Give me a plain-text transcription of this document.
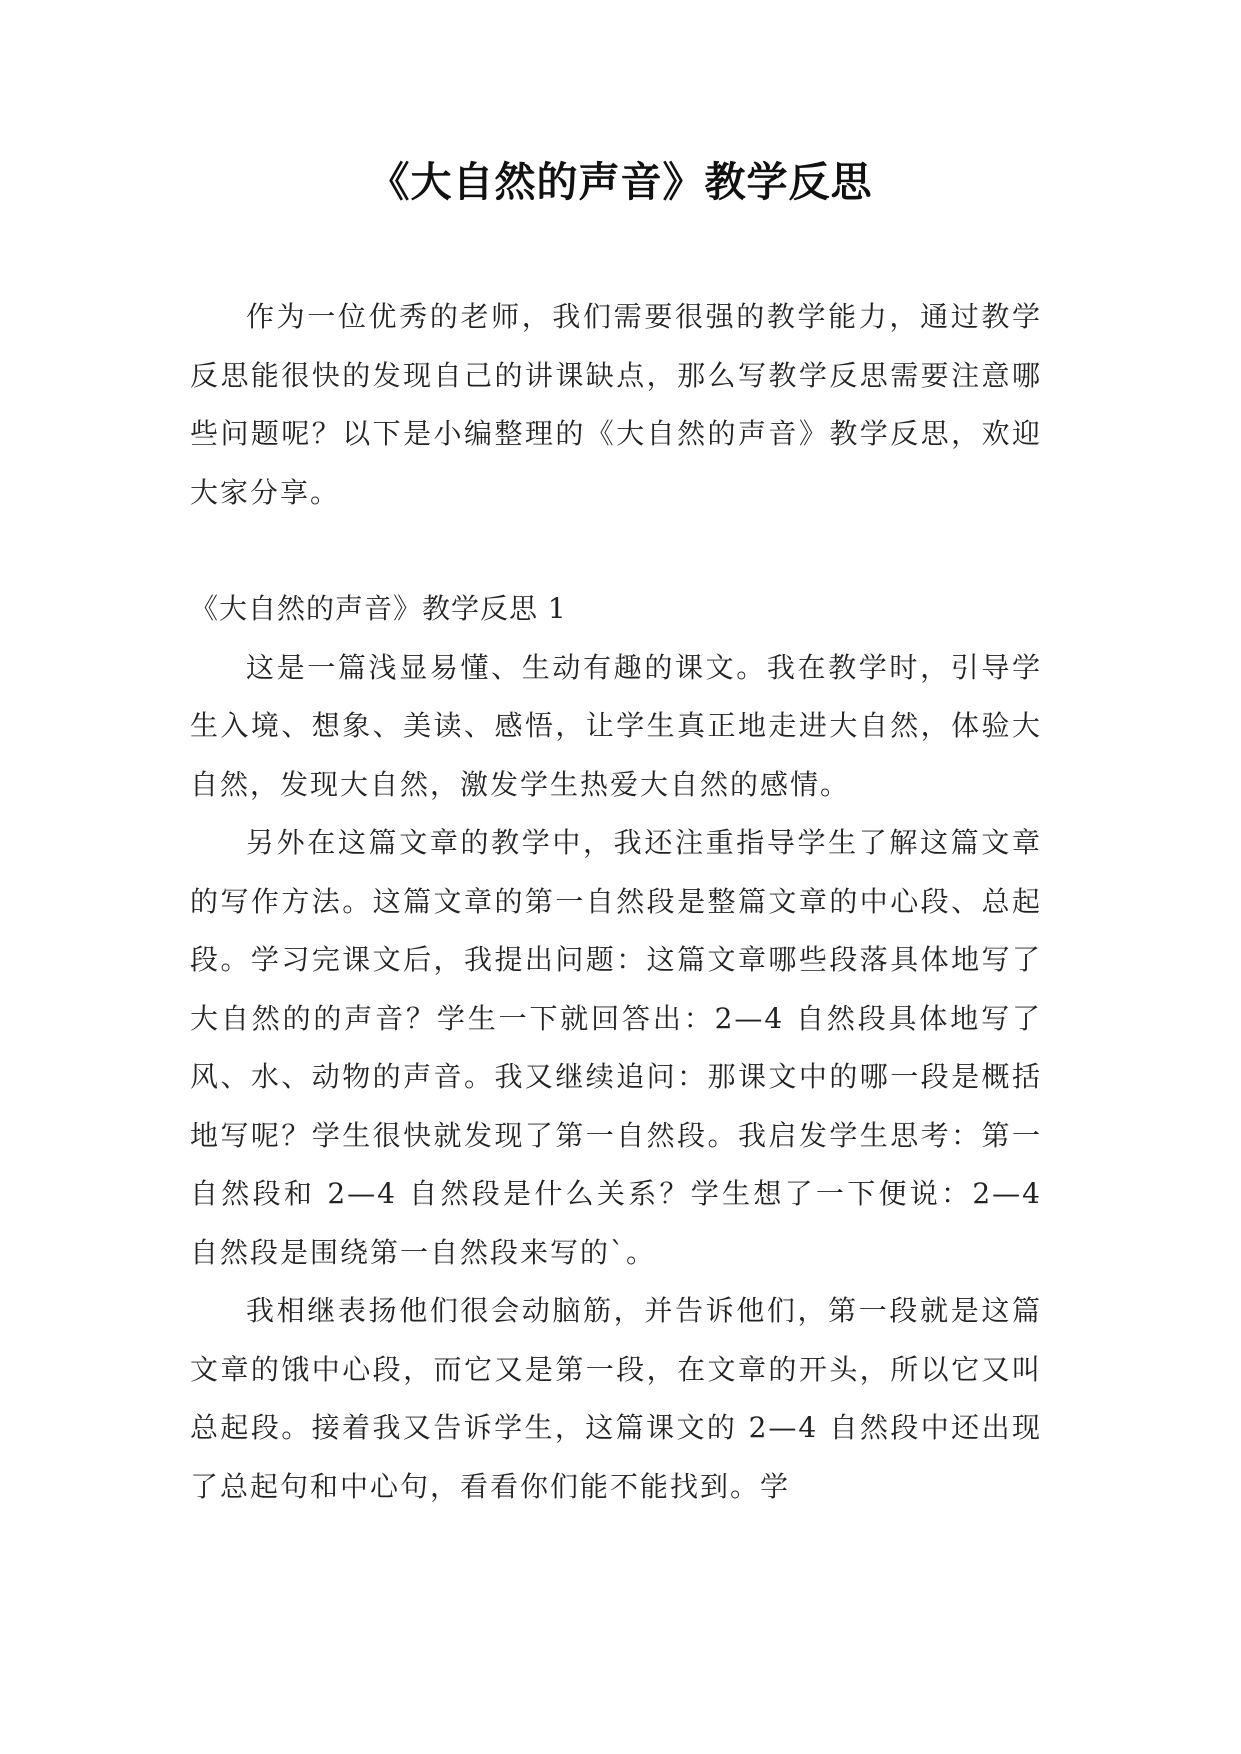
《大自然的声音》教学反思

作为一位优秀的老师，我们需要很强的教学能力，通过教学反思能很快的发现自己的讲课缺点，那么写教学反思需要注意哪些问题呢？以下是小编整理的《大自然的声音》教学反思，欢迎大家分享。

《大自然的声音》教学反思 1

这是一篇浅显易懂、生动有趣的课文。我在教学时，引导学生入境、想象、美读、感悟，让学生真正地走进大自然，体验大自然，发现大自然，激发学生热爱大自然的感情。

另外在这篇文章的教学中，我还注重指导学生了解这篇文章的写作方法。这篇文章的第一自然段是整篇文章的中心段、总起段。学习完课文后，我提出问题：这篇文章哪些段落具体地写了大自然的的声音？学生一下就回答出：2—4 自然段具体地写了风、水、动物的声音。我又继续追问：那课文中的哪一段是概括地写呢？学生很快就发现了第一自然段。我启发学生思考：第一自然段和 2—4 自然段是什么关系？学生想了一下便说：2—4 自然段是围绕第一自然段来写的`。

我相继表扬他们很会动脑筋，并告诉他们，第一段就是这篇文章的饿中心段，而它又是第一段，在文章的开头，所以它又叫总起段。接着我又告诉学生，这篇课文的 2—4 自然段中还出现了总起句和中心句，看看你们能不能找到。学
